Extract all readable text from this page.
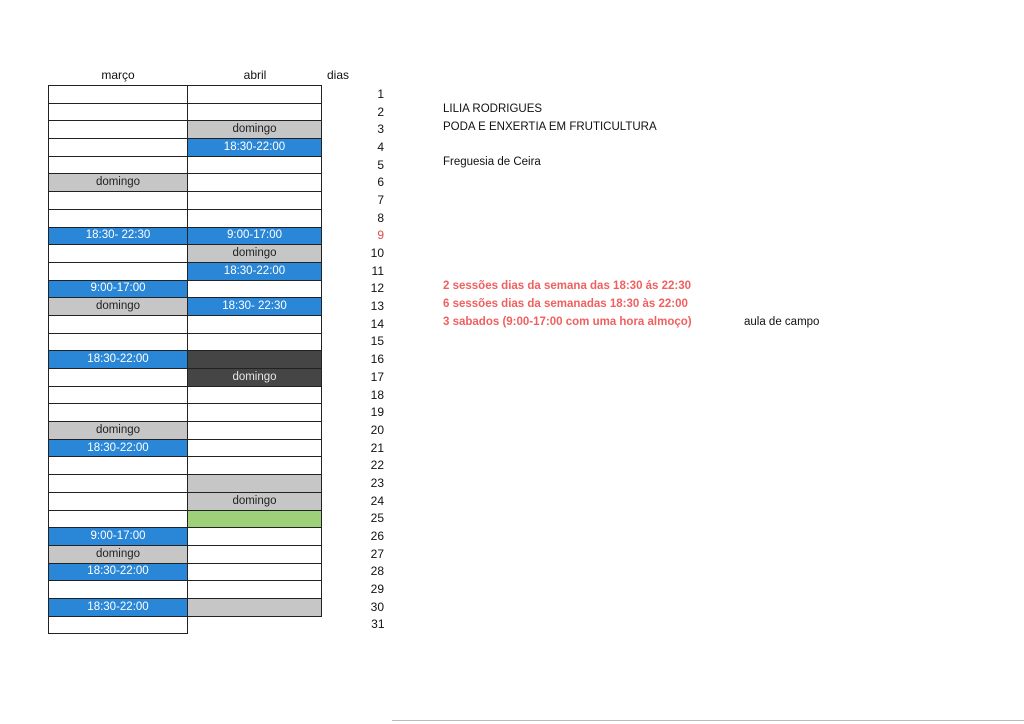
março	abril	dias
		1
		2
	domingo	3
	18:30-22:00	4
		5
domingo		6
		7
		8
18:30- 22:30	9:00-17:00	9
	domingo	10
	18:30-22:00	11
9:00-17:00		12
domingo	18:30- 22:30	13
		14
		15
18:30-22:00		16
	domingo	17
		18
		19
domingo		20
18:30-22:00		21
		22
		23
	domingo	24
		25
9:00-17:00		26
domingo		27
18:30-22:00		28
		29
18:30-22:00		30
		31
LILIA RODRIGUES
PODA E ENXERTIA EM FRUTICULTURA
Freguesia de Ceira
2 sessões dias da semana das 18:30 ás 22:30
6 sessões dias da semanadas 18:30 às 22:00
3 sabados (9:00-17:00 com uma hora almoço)	aula de campo
